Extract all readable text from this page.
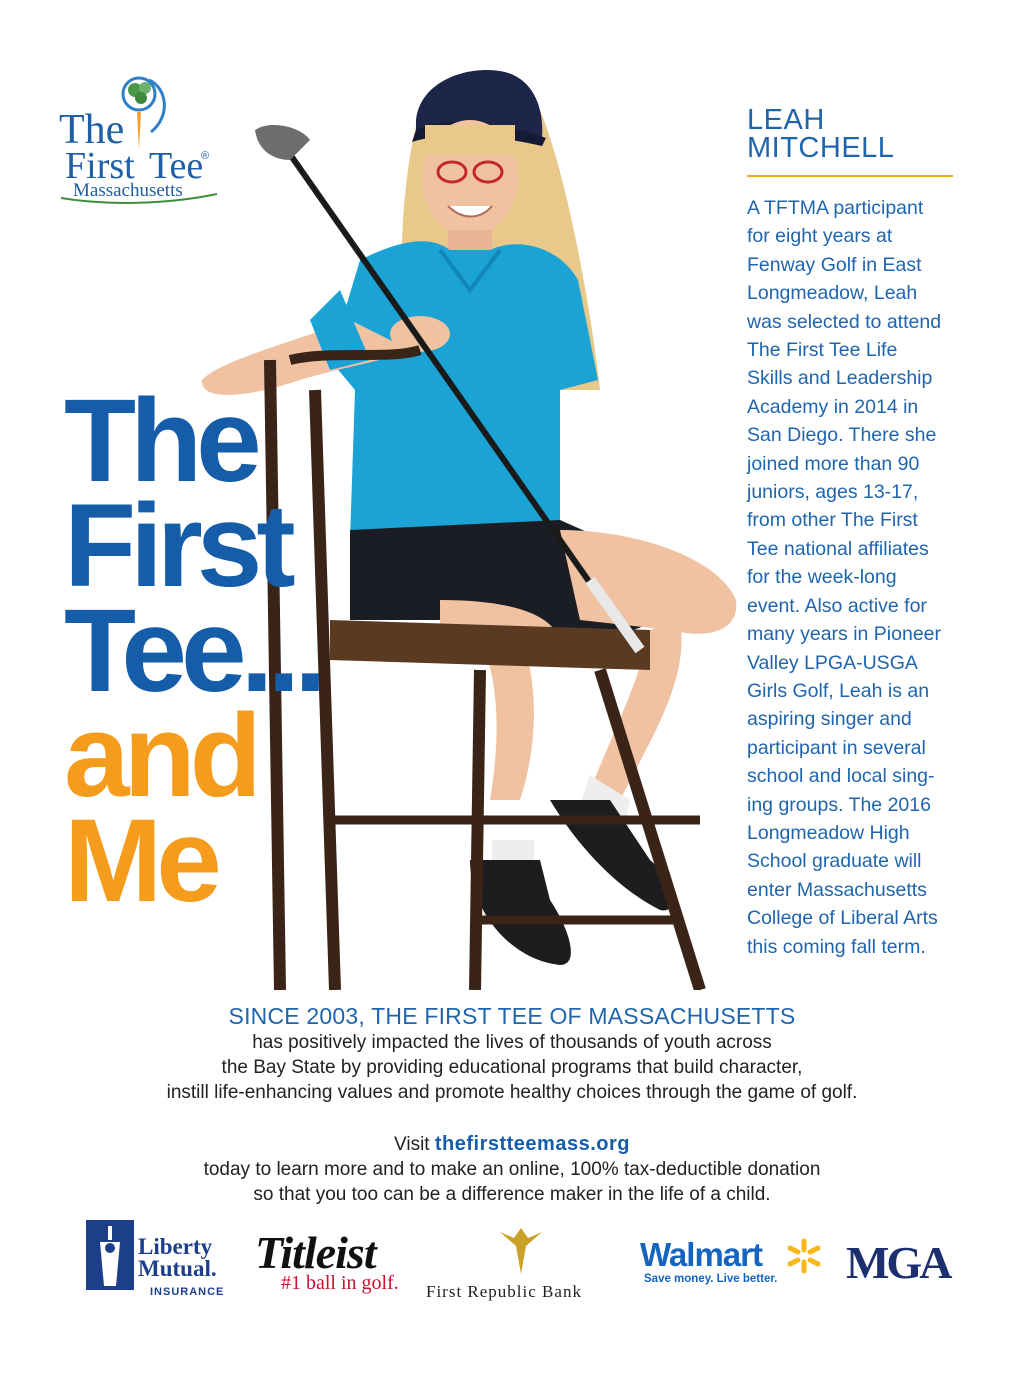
The
First Tee
®
Massachusetts
The
First
Tee...
and
Me
LEAH
MITCHELL
A TFTMA participant
for eight years at
Fenway Golf in East
Longmeadow, Leah
was selected to attend
The First Tee Life
Skills and Leadership
Academy in 2014 in
San Diego. There she
joined more than 90
juniors, ages 13-17,
from other The First
Tee national affiliates
for the week-long
event. Also active for
many years in Pioneer
Valley LPGA-USGA
Girls Golf, Leah is an
aspiring singer and
participant in several
school and local sing-
ing groups. The 2016
Longmeadow High
School graduate will
enter Massachusetts
College of Liberal Arts
this coming fall term.
SINCE 2003, THE FIRST TEE OF MASSACHUSETTS
has positively impacted the lives of thousands of youth across
the Bay State by providing educational programs that build character,
instill life-enhancing values and promote healthy choices through the game of golf.
Visit thefirstteemass.org
today to learn more and to make an online, 100% tax-deductible donation
so that you too can be a difference maker in the life of a child.
Liberty
Mutual.
INSURANCE
Titleist
#1 ball in golf. First Republic Bank
Walmart
Save money. Live better. MGA
